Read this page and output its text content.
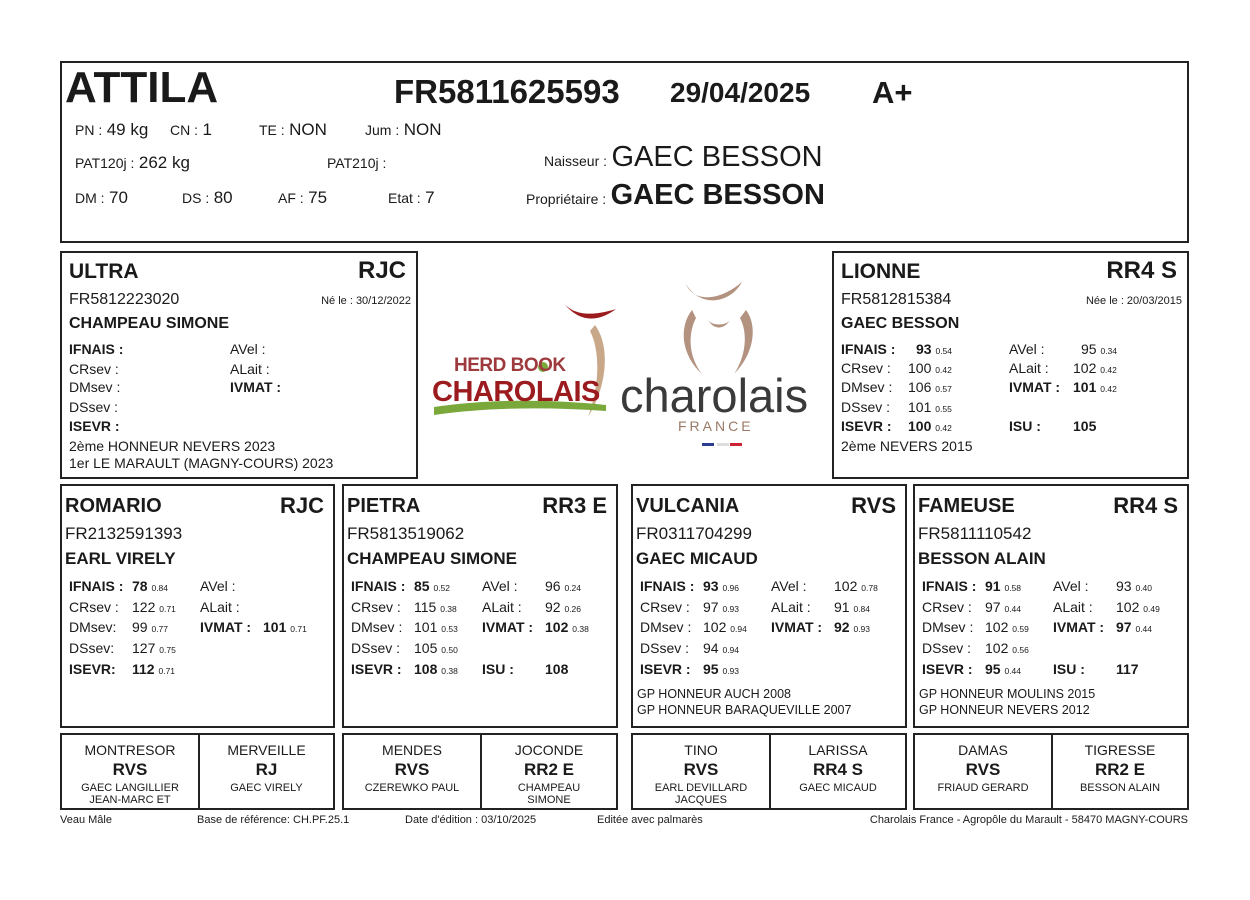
ATTILA	FR5811625593 29/04/2025 A+
PN : 49 kg CN : 1	TE : NON	Jum : NON
PAT120j : 262 kg	PAT210j :
DM : 70	DS : 80	AF : 75	Etat : 7
Naisseur : GAEC BESSON
Propriétaire : GAEC BESSON
ULTRA	RJC
FR5812223020	Né le : 30/12/2022
CHAMPEAU SIMONE
IFNAIS :
CRsev :
DMsev :
DSsev :
ISEVR :
AVel :
ALait :
IVMAT :
2ème HONNEUR NEVERS 2023
1er LE MARAULT (MAGNY-COURS) 2023
HERD BOOK
CHAROLAIS charolais
FRANCE
LIONNE	RR4 S
FR5812815384	Née le : 20/03/2015
GAEC BESSON
IFNAIS : 93 0.54
CRsev : 100 0.42
DMsev : 106 0.57
DSsev : 101 0.55
ISEVR : 100 0.42
AVel :	95 0.34
ALait : 102 0.42
IVMAT : 101 0.42
ISU : 105
2ème NEVERS 2015
ROMARIO	RJC
FR2132591393
EARL VIRELY
IFNAIS : 78 0.84
CRsev : 122 0.71
DMsev: 99 0.77
DSsev: 127 0.75
ISEVR: 112 0.71
AVel :
ALait :
IVMAT : 101 0.71
PIETRA	RR3 E
FR5813519062
CHAMPEAU SIMONE
IFNAIS : 85 0.52
CRsev : 115 0.38
DMsev : 101 0.53
DSsev : 105 0.50
ISEVR : 108 0.38
AVel : 96 0.24
ALait : 92 0.26
IVMAT : 102 0.38
ISU : 108
VULCANIA	RVS
FR0311704299
GAEC MICAUD
IFNAIS : 93 0.96
CRsev : 97 0.93
DMsev : 102 0.94
DSsev : 94 0.94
ISEVR : 95 0.93
AVel : 102 0.78
ALait : 91 0.84
IVMAT : 92 0.93
GP HONNEUR AUCH 2008
GP HONNEUR BARAQUEVILLE 2007
FAMEUSE	RR4 S
FR5811110542
BESSON ALAIN
IFNAIS : 91 0.58
CRsev : 97 0.44
DMsev : 102 0.59
DSsev : 102 0.56
ISEVR : 95 0.44
AVel : 93 0.40
ALait : 102 0.49
IVMAT : 97 0.44
ISU : 117
GP HONNEUR MOULINS 2015
GP HONNEUR NEVERS 2012
MONTRESOR
RVS
GAEC LANGILLIER JEAN-MARC ET
MERVEILLE
RJ
GAEC VIRELY
MENDES
RVS
CZEREWKO PAUL
JOCONDE
RR2 E
CHAMPEAU SIMONE
TINO
RVS
EARL DEVILLARD JACQUES
LARISSA
RR4 S
GAEC MICAUD
DAMAS
RVS
FRIAUD GERARD
TIGRESSE
RR2 E
BESSON ALAIN
Veau Mâle	Base de référence: CH.PF.25.1	Date d'édition : 03/10/2025	Editée avec palmarès	Charolais France - Agropôle du Marault - 58470 MAGNY-COURS
